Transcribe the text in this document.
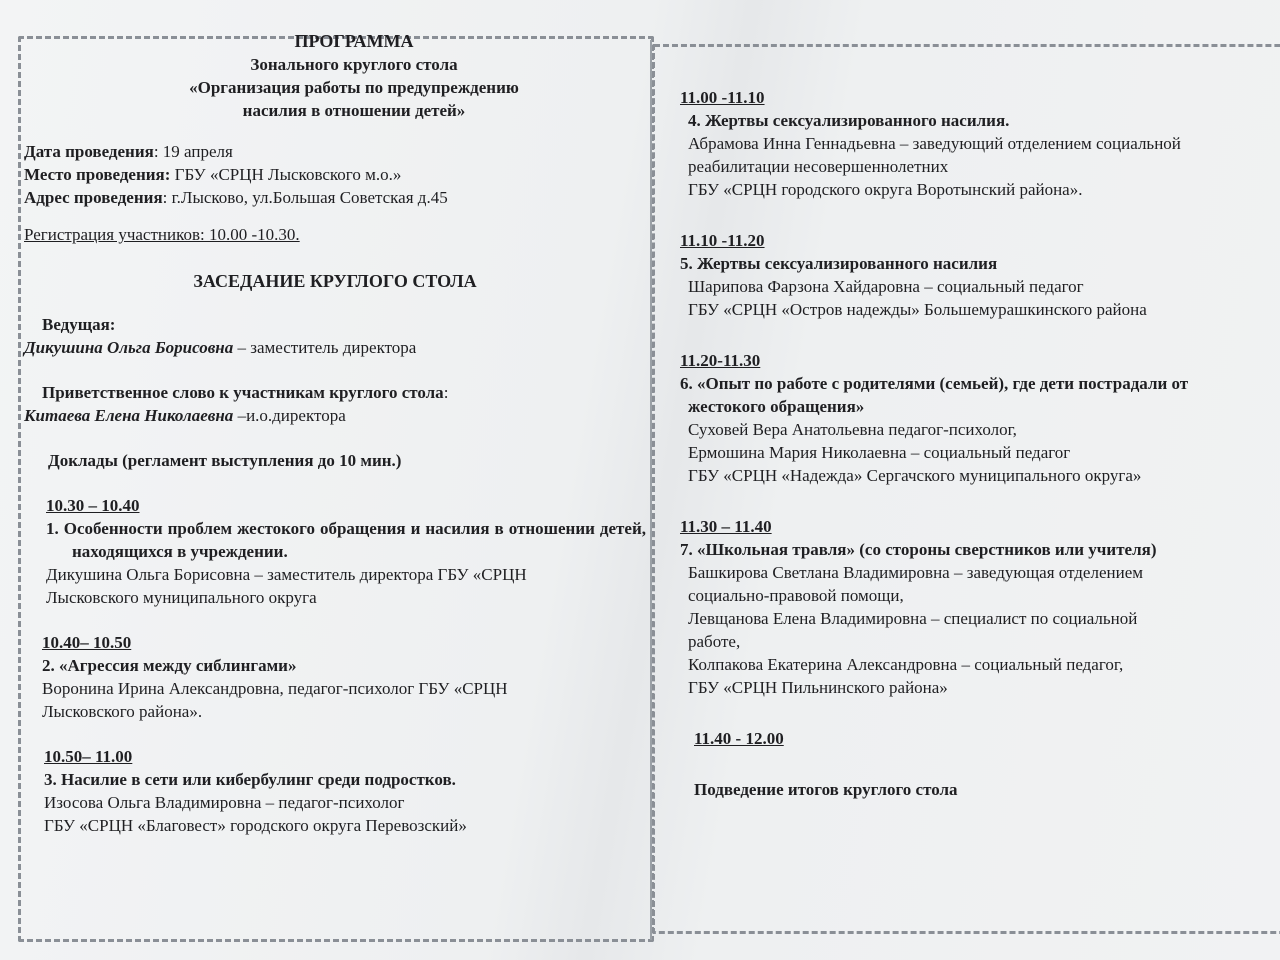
ПРОГРАММА
Зонального круглого стола
«Организация работы по предупреждению
насилия в отношении детей»
Дата проведения: 19 апреля
Место проведения: ГБУ «СРЦН Лысковского м.о.»
Адрес проведения: г.Лысково, ул.Большая Советская д.45
Регистрация участников: 10.00 -10.30.
ЗАСЕДАНИЕ КРУГЛОГО СТОЛА
Ведущая:
Дикушина Ольга Борисовна – заместитель директора
Приветственное слово к участникам круглого стола:
Китаева Елена Николаевна –и.о.директора
Доклады (регламент выступления до 10 мин.)
10.30 – 10.40
1. Особенности проблем жестокого обращения и насилия в отношении детей, находящихся в учреждении.
Дикушина Ольга Борисовна – заместитель директора ГБУ «СРЦН
Лысковского муниципального округа
10.40– 10.50
2. «Агрессия между сиблингами»
Воронина Ирина Александровна, педагог-психолог ГБУ «СРЦН
Лысковского района».
10.50– 11.00
3. Насилие в сети или кибербулинг среди подростков.
Изосова Ольга Владимировна – педагог-психолог
ГБУ «СРЦН «Благовест» городского округа Перевозский»
11.00 -11.10
4. Жертвы сексуализированного насилия.
Абрамова Инна Геннадьевна – заведующий отделением социальной
реабилитации несовершеннолетних
ГБУ «СРЦН городского округа Воротынский района».
11.10 -11.20
5. Жертвы сексуализированного насилия
Шарипова Фарзона Хайдаровна – социальный педагог
ГБУ «СРЦН «Остров надежды» Большемурашкинского района
11.20-11.30
6. «Опыт по работе с родителями (семьей), где дети пострадали от
жестокого обращения»
Суховей Вера Анатольевна педагог-психолог,
Ермошина Мария Николаевна – социальный педагог
ГБУ «СРЦН «Надежда» Сергачского муниципального округа»
11.30 – 11.40
7. «Школьная травля» (со стороны сверстников или учителя)
Башкирова Светлана Владимировна – заведующая отделением
социально-правовой помощи,
Левщанова Елена Владимировна – специалист по социальной
работе,
Колпакова Екатерина Александровна – социальный педагог,
ГБУ «СРЦН Пильнинского района»
11.40 - 12.00
Подведение итогов круглого стола
